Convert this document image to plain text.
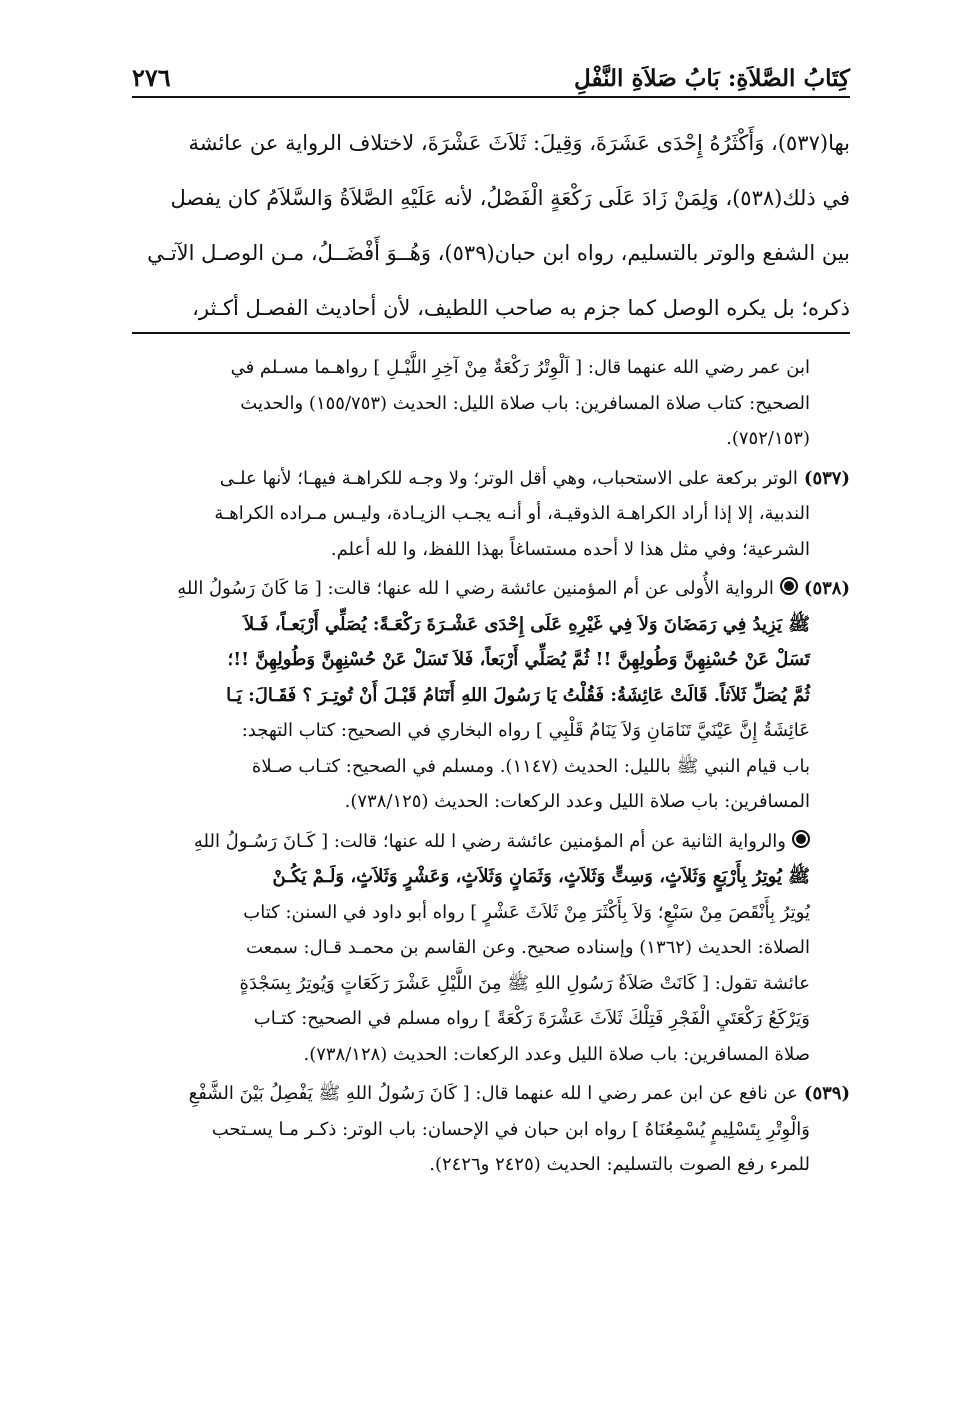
كِتَابُ الصَّلاَةِ: بَابُ صَلاَةِ النَّفْلِ
٢٧٦
بها(٥٣٧)، وَأَكْثَرُهُ إِحْدَى عَشَرَةَ، وَقِيلَ: ثَلاَثَ عَشْرَةَ، لاختلاف الرواية عن عائشة
في ذلك(٥٣٨)، وَلِمَنْ زَادَ عَلَى رَكْعَةٍ الْفَصْلُ، لأنه عَلَيْهِ الصَّلاَةُ وَالسَّلاَمُ كان يفصل
بين الشفع والوتر بالتسليم، رواه ابن حبان(٥٣٩)، وَهُــوَ أَفْضَــلُ، مـن الوصـل الآتـي
ذكره؛ بل يكره الوصل كما جزم به صاحب اللطيف، لأن أحاديث الفصـل أكـثر،
ابن عمر رضي الله عنهما قال: [ اَلْوِتْرُ رَكْعَةٌ مِنْ آخِرِ اللَّيْـلِ ] رواهـما مسـلم في
الصحيح: كتاب صلاة المسافرين: باب صلاة الليل: الحديث (١٥٥/٧٥٣) والحديث
(٧٥٢/١٥٣).
(٥٣٧)الوتر بركعة على الاستحباب، وهي أقل الوتر؛ ولا وجـه للكراهـة فيهـا؛ لأنها علـى
الندبية، إلا إذا أراد الكراهـة الذوقيـة، أو أنـه يجـب الزيـادة، وليـس مـراده الكراهـة
الشرعية؛ وفي مثل هذا لا أحده مستساغاً بهذا اللفظ، وا لله أعلم.
(٥٣٨)الرواية الأُولى عن أم المؤمنين عائشة رضي ا لله عنها؛ قالت: [ مَا كَانَ رَسُولُ اللهِ
ﷺ يَزِيدُ فِي رَمَضَانَ وَلاَ فِي غَيْرِهِ عَلَى إِحْدَى عَشْـرَةَ رَكْعَـةً: يُصَلِّي أَرْبَعـاً، فَـلاَ
تَسَلْ عَنْ حُسْنِهِنَّ وَطُولِهِنَّ !! ثُمَّ يُصَلِّي أَرْبَعاً، فَلاَ تَسَلْ عَنْ حُسْنِهِنَّ وَطُولِهِنَّ !!؛
ثُمَّ يُصَلِّ ثَلاَثاً. قَالَتْ عَائِشَةُ: فَقُلْتُ يَا رَسُولَ اللهِ أَتَنَامُ قَبْـلَ أَنْ تُوتِـرَ ؟ فَقَـالَ: يَـا
عَائِشَةُ إِنَّ عَيْنَيَّ تَنَامَانِ وَلاَ يَنَامُ قَلْبِي ] رواه البخاري في الصحيح: كتاب التهجد:
باب قيام النبي ﷺ بالليل: الحديث (١١٤٧). ومسلم في الصحيح: كتـاب صـلاة
المسافرين: باب صلاة الليل وعدد الركعات: الحديث (٧٣٨/١٢٥).
والرواية الثانية عن أم المؤمنين عائشة رضي ا لله عنها؛ قالت: [ كَـانَ رَسُـولُ اللهِ
ﷺ يُوتِرُ بِأَرْبَعٍ وَثَلاَثٍ، وَسِتٍّ وَثَلاَثٍ، وَثَمَانٍ وَثَلاَثٍ، وَعَشْرٍ وَثَلاَثٍ، وَلَـمْ يَكُـنْ
يُوتِرُ بِأَنْقَصَ مِنْ سَبْعٍ؛ وَلاَ بِأَكْثَرَ مِنْ ثَلاَثَ عَشْرٍ ] رواه أبو داود في السنن: كتاب
الصلاة: الحديث (١٣٦٢) وإسناده صحيح. وعن القاسم بن محمـد قـال: سمعت
عائشة تقول: [ كَانَتْ صَلاَةُ رَسُولِ اللهِ ﷺ مِنَ اللَّيْلِ عَشْرَ رَكَعَاتٍ وَيُوتِرُ بِسَجْدَةٍ
وَيَرْكَعُ رَكْعَتَيِ الْفَجْرِ فَتِلْكَ ثَلاَثَ عَشْرَةَ رَكْعَةً ] رواه مسلم في الصحيح: كتـاب
صلاة المسافرين: باب صلاة الليل وعدد الركعات: الحديث (٧٣٨/١٢٨).
(٥٣٩)عن نافع عن ابن عمر رضي ا لله عنهما قال: [ كَانَ رَسُولُ اللهِ ﷺ يَفْصِلُ بَيْنَ الشَّفْعِ
وَالْوِتْرِ بِتَسْلِيمٍ يُسْمِعُنَاهُ ] رواه ابن حبان في الإحسان: باب الوتر: ذكـر مـا يسـتحب
للمرء رفع الصوت بالتسليم: الحديث (٢٤٢٥ و٢٤٢٦).
